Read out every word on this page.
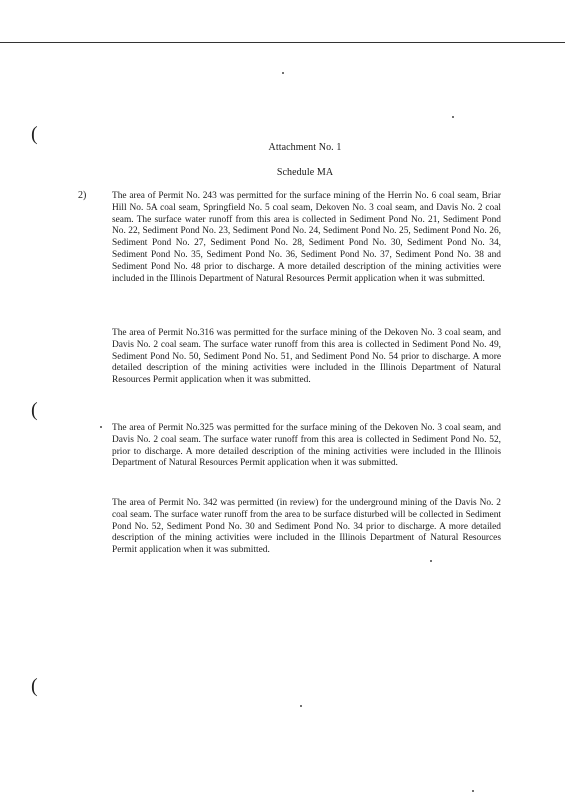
(
(
(
Attachment No. 1
Schedule MA
2)	The area of Permit No. 243 was permitted for the surface mining of the Herrin No. 6 coal seam, Briar Hill No. 5A coal seam, Springfield No. 5 coal seam, Dekoven No. 3 coal seam, and Davis No. 2 coal seam. The surface water runoff from this area is collected in Sediment Pond No. 21, Sediment Pond No. 22, Sediment Pond No. 23, Sediment Pond No. 24, Sediment Pond No. 25, Sediment Pond No. 26, Sediment Pond No. 27, Sediment Pond No. 28, Sediment Pond No. 30, Sediment Pond No. 34, Sediment Pond No. 35, Sediment Pond No. 36, Sediment Pond No. 37, Sediment Pond No. 38 and Sediment Pond No. 48 prior to discharge. A more detailed description of the mining activities were included in the Illinois Department of Natural Resources Permit application when it was submitted.

The area of Permit No.316 was permitted for the surface mining of the Dekoven No. 3 coal seam, and Davis No. 2 coal seam. The surface water runoff from this area is collected in Sediment Pond No. 49, Sediment Pond No. 50, Sediment Pond No. 51, and Sediment Pond No. 54 prior to discharge. A more detailed description of the mining activities were included in the Illinois Department of Natural Resources Permit application when it was submitted.

The area of Permit No.325 was permitted for the surface mining of the Dekoven No. 3 coal seam, and Davis No. 2 coal seam. The surface water runoff from this area is collected in Sediment Pond No. 52, prior to discharge. A more detailed description of the mining activities were included in the Illinois Department of Natural Resources Permit application when it was submitted.

The area of Permit No. 342 was permitted (in review) for the underground mining of the Davis No. 2 coal seam. The surface water runoff from the area to be surface disturbed will be collected in Sediment Pond No. 52, Sediment Pond No. 30 and Sediment Pond No. 34 prior to discharge. A more detailed description of the mining activities were included in the Illinois Department of Natural Resources Permit application when it was submitted.
